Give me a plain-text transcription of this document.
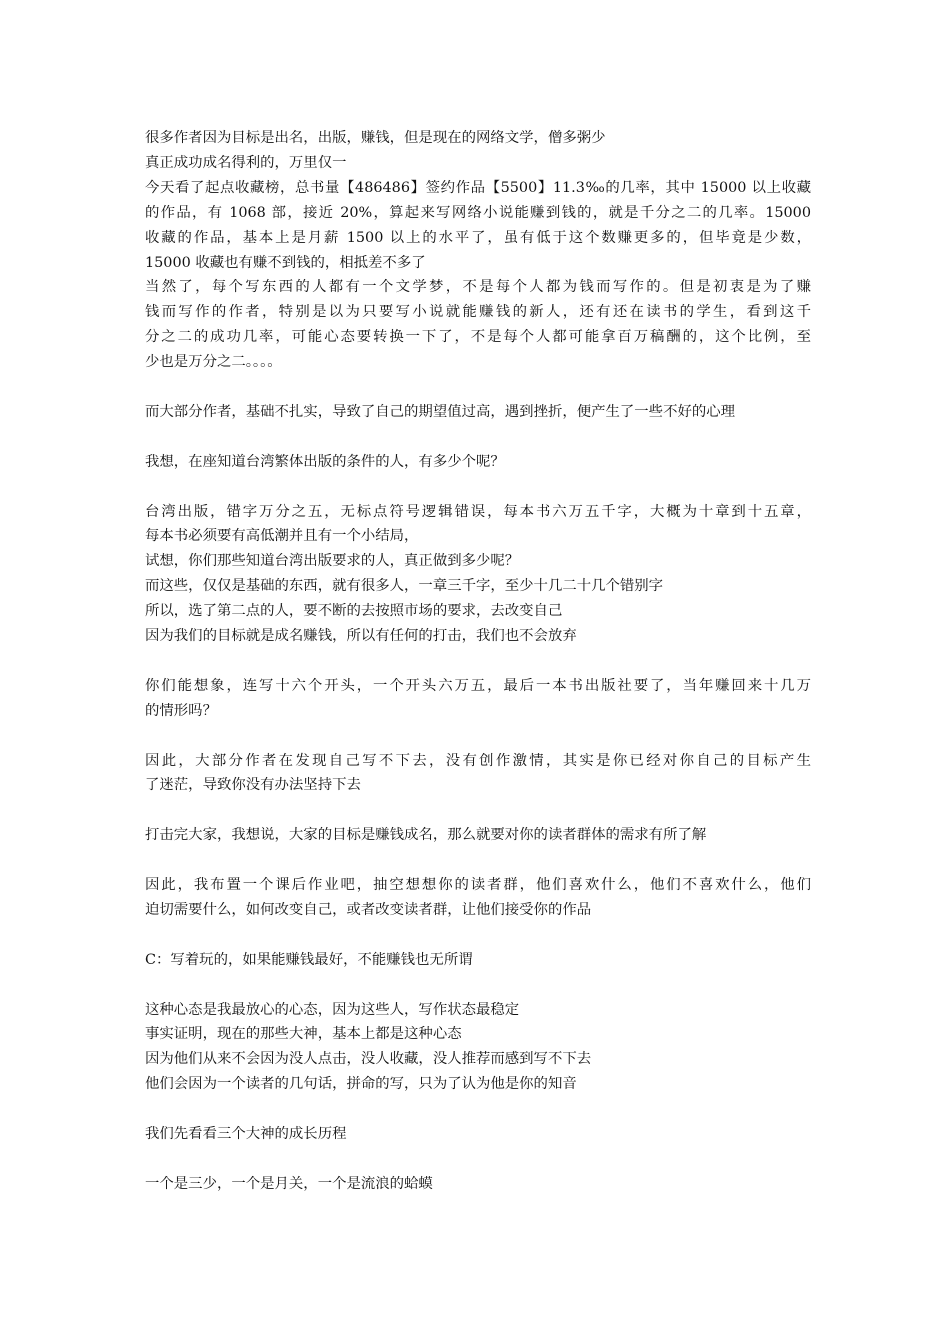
很多作者因为目标是出名，出版，赚钱，但是现在的网络文学，僧多粥少

真正成功成名得利的，万里仅一

今天看了起点收藏榜，总书量【486486】签约作品【5500】11.3‰的几率，其中 15000 以上收藏
的作品，有 1068 部，接近 20%，算起来写网络小说能赚到钱的，就是千分之二的几率。15000
收藏的作品，基本上是月薪 1500 以上的水平了，虽有低于这个数赚更多的，但毕竟是少数，
15000 收藏也有赚不到钱的，相抵差不多了

当然了，每个写东西的人都有一个文学梦，不是每个人都为钱而写作的。但是初衷是为了赚
钱而写作的作者，特别是以为只要写小说就能赚钱的新人，还有还在读书的学生，看到这千
分之二的成功几率，可能心态要转换一下了，不是每个人都可能拿百万稿酬的，这个比例，至
少也是万分之二。。。。

而大部分作者，基础不扎实，导致了自己的期望值过高，遇到挫折，便产生了一些不好的心理

我想，在座知道台湾繁体出版的条件的人，有多少个呢？

台湾出版，错字万分之五，无标点符号逻辑错误，每本书六万五千字，大概为十章到十五章，
每本书必须要有高低潮并且有一个小结局，

试想，你们那些知道台湾出版要求的人，真正做到多少呢？

而这些，仅仅是基础的东西，就有很多人，一章三千字，至少十几二十几个错别字

所以，选了第二点的人，要不断的去按照市场的要求，去改变自己

因为我们的目标就是成名赚钱，所以有任何的打击，我们也不会放弃

你们能想象，连写十六个开头，一个开头六万五，最后一本书出版社要了，当年赚回来十几万
的情形吗？

因此，大部分作者在发现自己写不下去，没有创作激情，其实是你已经对你自己的目标产生
了迷茫，导致你没有办法坚持下去

打击完大家，我想说，大家的目标是赚钱成名，那么就要对你的读者群体的需求有所了解

因此，我布置一个课后作业吧，抽空想想你的读者群，他们喜欢什么，他们不喜欢什么，他们
迫切需要什么，如何改变自己，或者改变读者群，让他们接受你的作品

C：写着玩的，如果能赚钱最好，不能赚钱也无所谓

这种心态是我最放心的心态，因为这些人，写作状态最稳定

事实证明，现在的那些大神，基本上都是这种心态

因为他们从来不会因为没人点击，没人收藏，没人推荐而感到写不下去

他们会因为一个读者的几句话，拼命的写，只为了认为他是你的知音

我们先看看三个大神的成长历程

一个是三少，一个是月关，一个是流浪的蛤蟆
